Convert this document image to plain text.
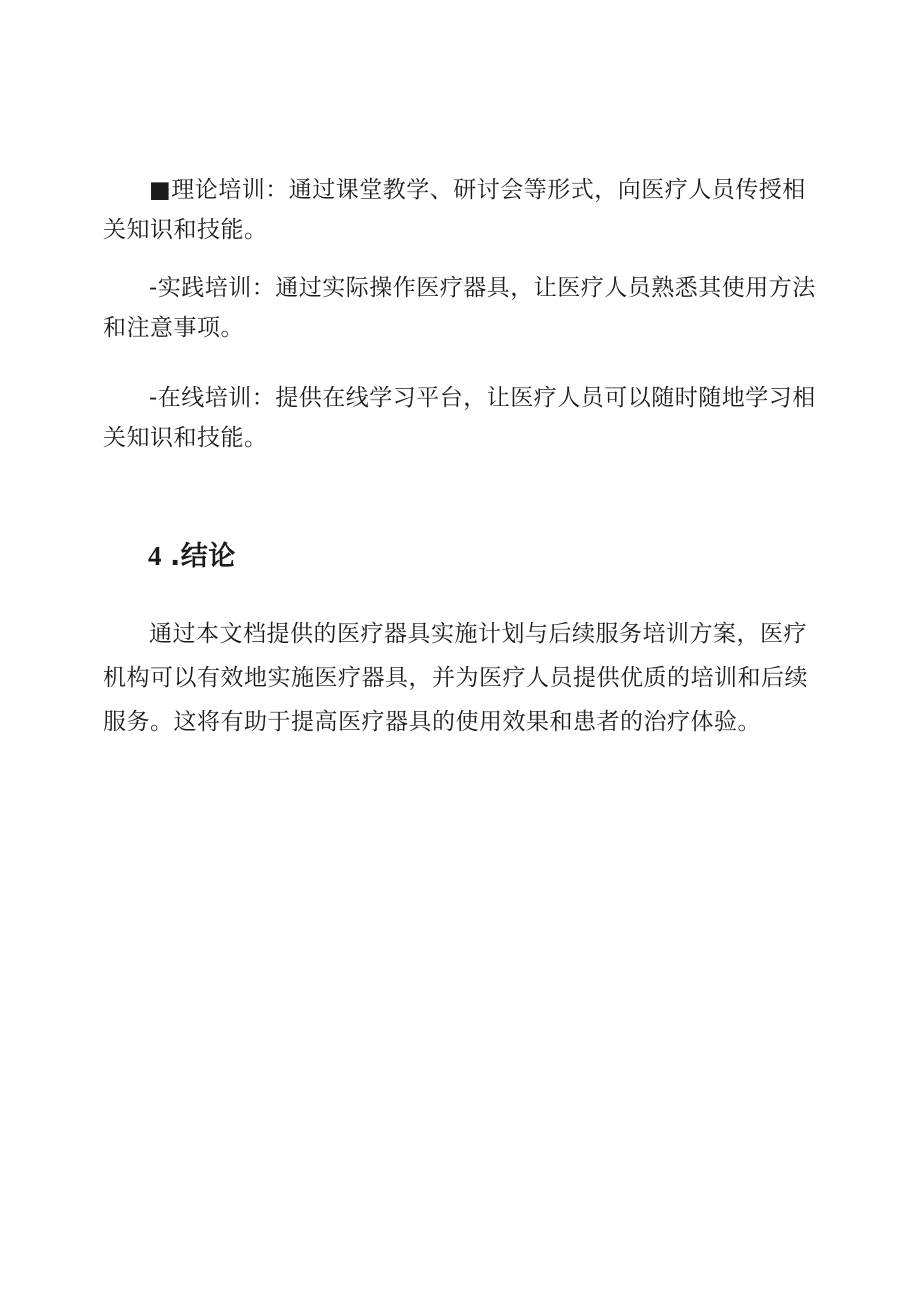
■理论培训：通过课堂教学、研讨会等形式，向医疗人员传授相关知识和技能。

-实践培训：通过实际操作医疗器具，让医疗人员熟悉其使用方法和注意事项。

-在线培训：提供在线学习平台，让医疗人员可以随时随地学习相关知识和技能。

4 .结论

通过本文档提供的医疗器具实施计划与后续服务培训方案，医疗机构可以有效地实施医疗器具，并为医疗人员提供优质的培训和后续服务。这将有助于提高医疗器具的使用效果和患者的治疗体验。
